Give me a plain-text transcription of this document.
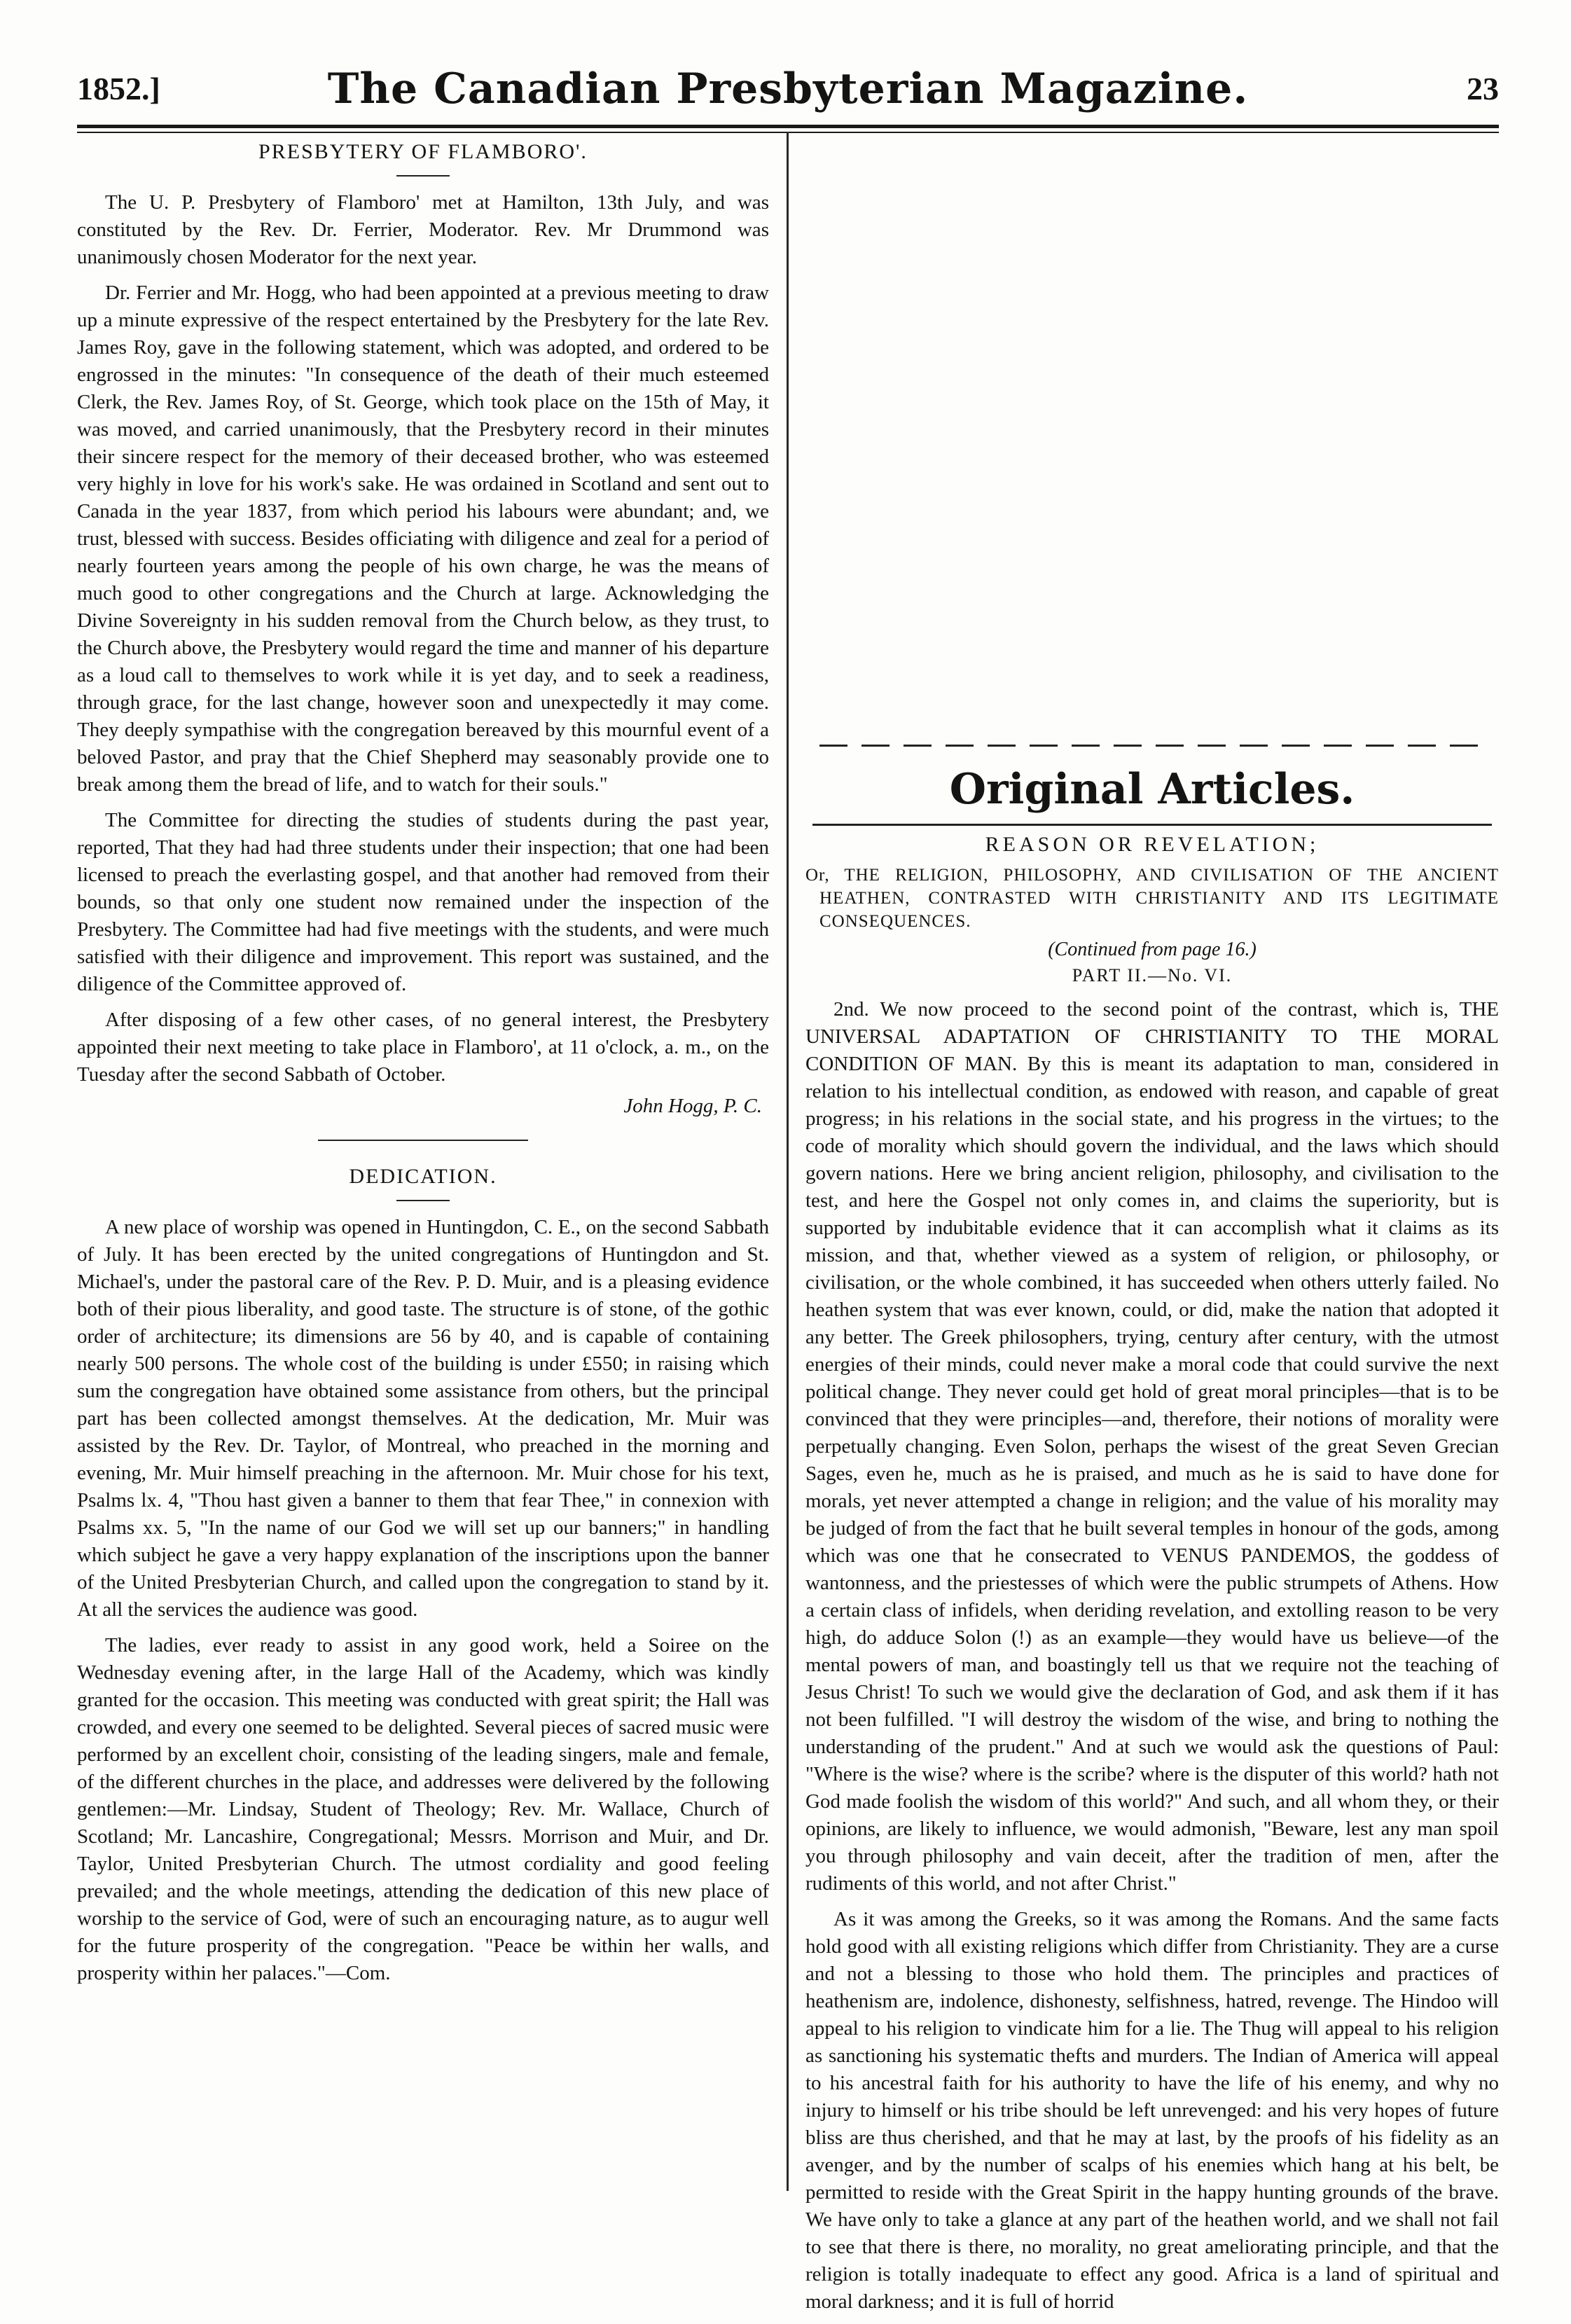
1852.]	The Canadian Presbyterian Magazine.	23
PRESBYTERY OF FLAMBORO'.

The U. P. Presbytery of Flamboro' met at Hamilton, 13th July, and was constituted by the Rev. Dr. Ferrier, Moderator. Rev. Mr Drummond was unanimously chosen Moderator for the next year.

Dr. Ferrier and Mr. Hogg, who had been appointed at a previous meeting to draw up a minute expressive of the respect entertained by the Presbytery for the late Rev. James Roy, gave in the following statement, which was adopted, and ordered to be engrossed in the minutes: "In consequence of the death of their much esteemed Clerk, the Rev. James Roy, of St. George, which took place on the 15th of May, it was moved, and carried unanimously, that the Presbytery record in their minutes their sincere respect for the memory of their deceased brother, who was esteemed very highly in love for his work's sake. He was ordained in Scotland and sent out to Canada in the year 1837, from which period his labours were abundant; and, we trust, blessed with success. Besides officiating with diligence and zeal for a period of nearly fourteen years among the people of his own charge, he was the means of much good to other congregations and the Church at large. Acknowledging the Divine Sovereignty in his sudden removal from the Church below, as they trust, to the Church above, the Presbytery would regard the time and manner of his departure as a loud call to themselves to work while it is yet day, and to seek a readiness, through grace, for the last change, however soon and unexpectedly it may come. They deeply sympathise with the congregation bereaved by this mournful event of a beloved Pastor, and pray that the Chief Shepherd may seasonably provide one to break among them the bread of life, and to watch for their souls."

The Committee for directing the studies of students during the past year, reported, That they had had three students under their inspection; that one had been licensed to preach the everlasting gospel, and that another had removed from their bounds, so that only one student now remained under the inspection of the Presbytery. The Committee had had five meetings with the students, and were much satisfied with their diligence and improvement. This report was sustained, and the diligence of the Committee approved of.

After disposing of a few other cases, of no general interest, the Presbytery appointed their next meeting to take place in Flamboro', at 11 o'clock, a. m., on the Tuesday after the second Sabbath of October.

John Hogg, P. C.
DEDICATION.

A new place of worship was opened in Huntingdon, C. E., on the second Sabbath of July. It has been erected by the united congregations of Huntingdon and St. Michael's, under the pastoral care of the Rev. P. D. Muir, and is a pleasing evidence both of their pious liberality, and good taste. The structure is of stone, of the gothic order of architecture; its dimensions are 56 by 40, and is capable of containing nearly 500 persons. The whole cost of the building is under £550; in raising which sum the congregation have obtained some assistance from others, but the principal part has been collected amongst themselves. At the dedication, Mr. Muir was assisted by the Rev. Dr. Taylor, of Montreal, who preached in the morning and evening, Mr. Muir himself preaching in the afternoon. Mr. Muir chose for his text, Psalms lx. 4, "Thou hast given a banner to them that fear Thee," in connexion with Psalms xx. 5, "In the name of our God we will set up our banners;" in handling which subject he gave a very happy explanation of the inscriptions upon the banner of the United Presbyterian Church, and called upon the congregation to stand by it. At all the services the audience was good.

The ladies, ever ready to assist in any good work, held a Soiree on the Wednesday evening after, in the large Hall of the Academy, which was kindly granted for the occasion. This meeting was conducted with great spirit; the Hall was crowded, and every one seemed to be delighted. Several pieces of sacred music were performed by an excellent choir, consisting of the leading singers, male and female, of the different churches in the place, and addresses were delivered by the following gentlemen:—Mr. Lindsay, Student of Theology; Rev. Mr. Wallace, Church of Scotland; Mr. Lancashire, Congregational; Messrs. Morrison and Muir, and Dr. Taylor, United Presbyterian Church. The utmost cordiality and good feeling prevailed; and the whole meetings, attending the dedication of this new place of worship to the service of God, were of such an encouraging nature, as to augur well for the future prosperity of the congregation. "Peace be within her walls, and prosperity within her palaces."—Com.

Original Articles.
REASON OR REVELATION;
Or, THE RELIGION, PHILOSOPHY, AND CIVILISATION OF THE ANCIENT HEATHEN, CONTRASTED WITH CHRISTIANITY AND ITS LEGITIMATE CONSEQUENCES.
(Continued from page 16.)
PART II.—No. VI.

2nd. We now proceed to the second point of the contrast, which is, THE UNIVERSAL ADAPTATION OF CHRISTIANITY TO THE MORAL CONDITION OF MAN. By this is meant its adaptation to man, considered in relation to his intellectual condition, as endowed with reason, and capable of great progress; in his relations in the social state, and his progress in the virtues; to the code of morality which should govern the individual, and the laws which should govern nations. Here we bring ancient religion, philosophy, and civilisation to the test, and here the Gospel not only comes in, and claims the superiority, but is supported by indubitable evidence that it can accomplish what it claims as its mission, and that, whether viewed as a system of religion, or philosophy, or civilisation, or the whole combined, it has succeeded when others utterly failed. No heathen system that was ever known, could, or did, make the nation that adopted it any better. The Greek philosophers, trying, century after century, with the utmost energies of their minds, could never make a moral code that could survive the next political change. They never could get hold of great moral principles—that is to be convinced that they were principles—and, therefore, their notions of morality were perpetually changing. Even Solon, perhaps the wisest of the great Seven Grecian Sages, even he, much as he is praised, and much as he is said to have done for morals, yet never attempted a change in religion; and the value of his morality may be judged of from the fact that he built several temples in honour of the gods, among which was one that he consecrated to VENUS PANDEMOS, the goddess of wantonness, and the priestesses of which were the public strumpets of Athens. How a certain class of infidels, when deriding revelation, and extolling reason to be very high, do adduce Solon (!) as an example—they would have us believe—of the mental powers of man, and boastingly tell us that we require not the teaching of Jesus Christ! To such we would give the declaration of God, and ask them if it has not been fulfilled. "I will destroy the wisdom of the wise, and bring to nothing the understanding of the prudent." And at such we would ask the questions of Paul: "Where is the wise? where is the scribe? where is the disputer of this world? hath not God made foolish the wisdom of this world?" And such, and all whom they, or their opinions, are likely to influence, we would admonish, "Beware, lest any man spoil you through philosophy and vain deceit, after the tradition of men, after the rudiments of this world, and not after Christ."

As it was among the Greeks, so it was among the Romans. And the same facts hold good with all existing religions which differ from Christianity. They are a curse and not a blessing to those who hold them. The principles and practices of heathenism are, indolence, dishonesty, selfishness, hatred, revenge. The Hindoo will appeal to his religion to vindicate him for a lie. The Thug will appeal to his religion as sanctioning his systematic thefts and murders. The Indian of America will appeal to his ancestral faith for his authority to have the life of his enemy, and why no injury to himself or his tribe should be left unrevenged: and his very hopes of future bliss are thus cherished, and that he may at last, by the proofs of his fidelity as an avenger, and by the number of scalps of his enemies which hang at his belt, be permitted to reside with the Great Spirit in the happy hunting grounds of the brave. We have only to take a glance at any part of the heathen world, and we shall not fail to see that there is there, no morality, no great ameliorating principle, and that the religion is totally inadequate to effect any good. Africa is a land of spiritual and moral darkness; and it is full of horrid
